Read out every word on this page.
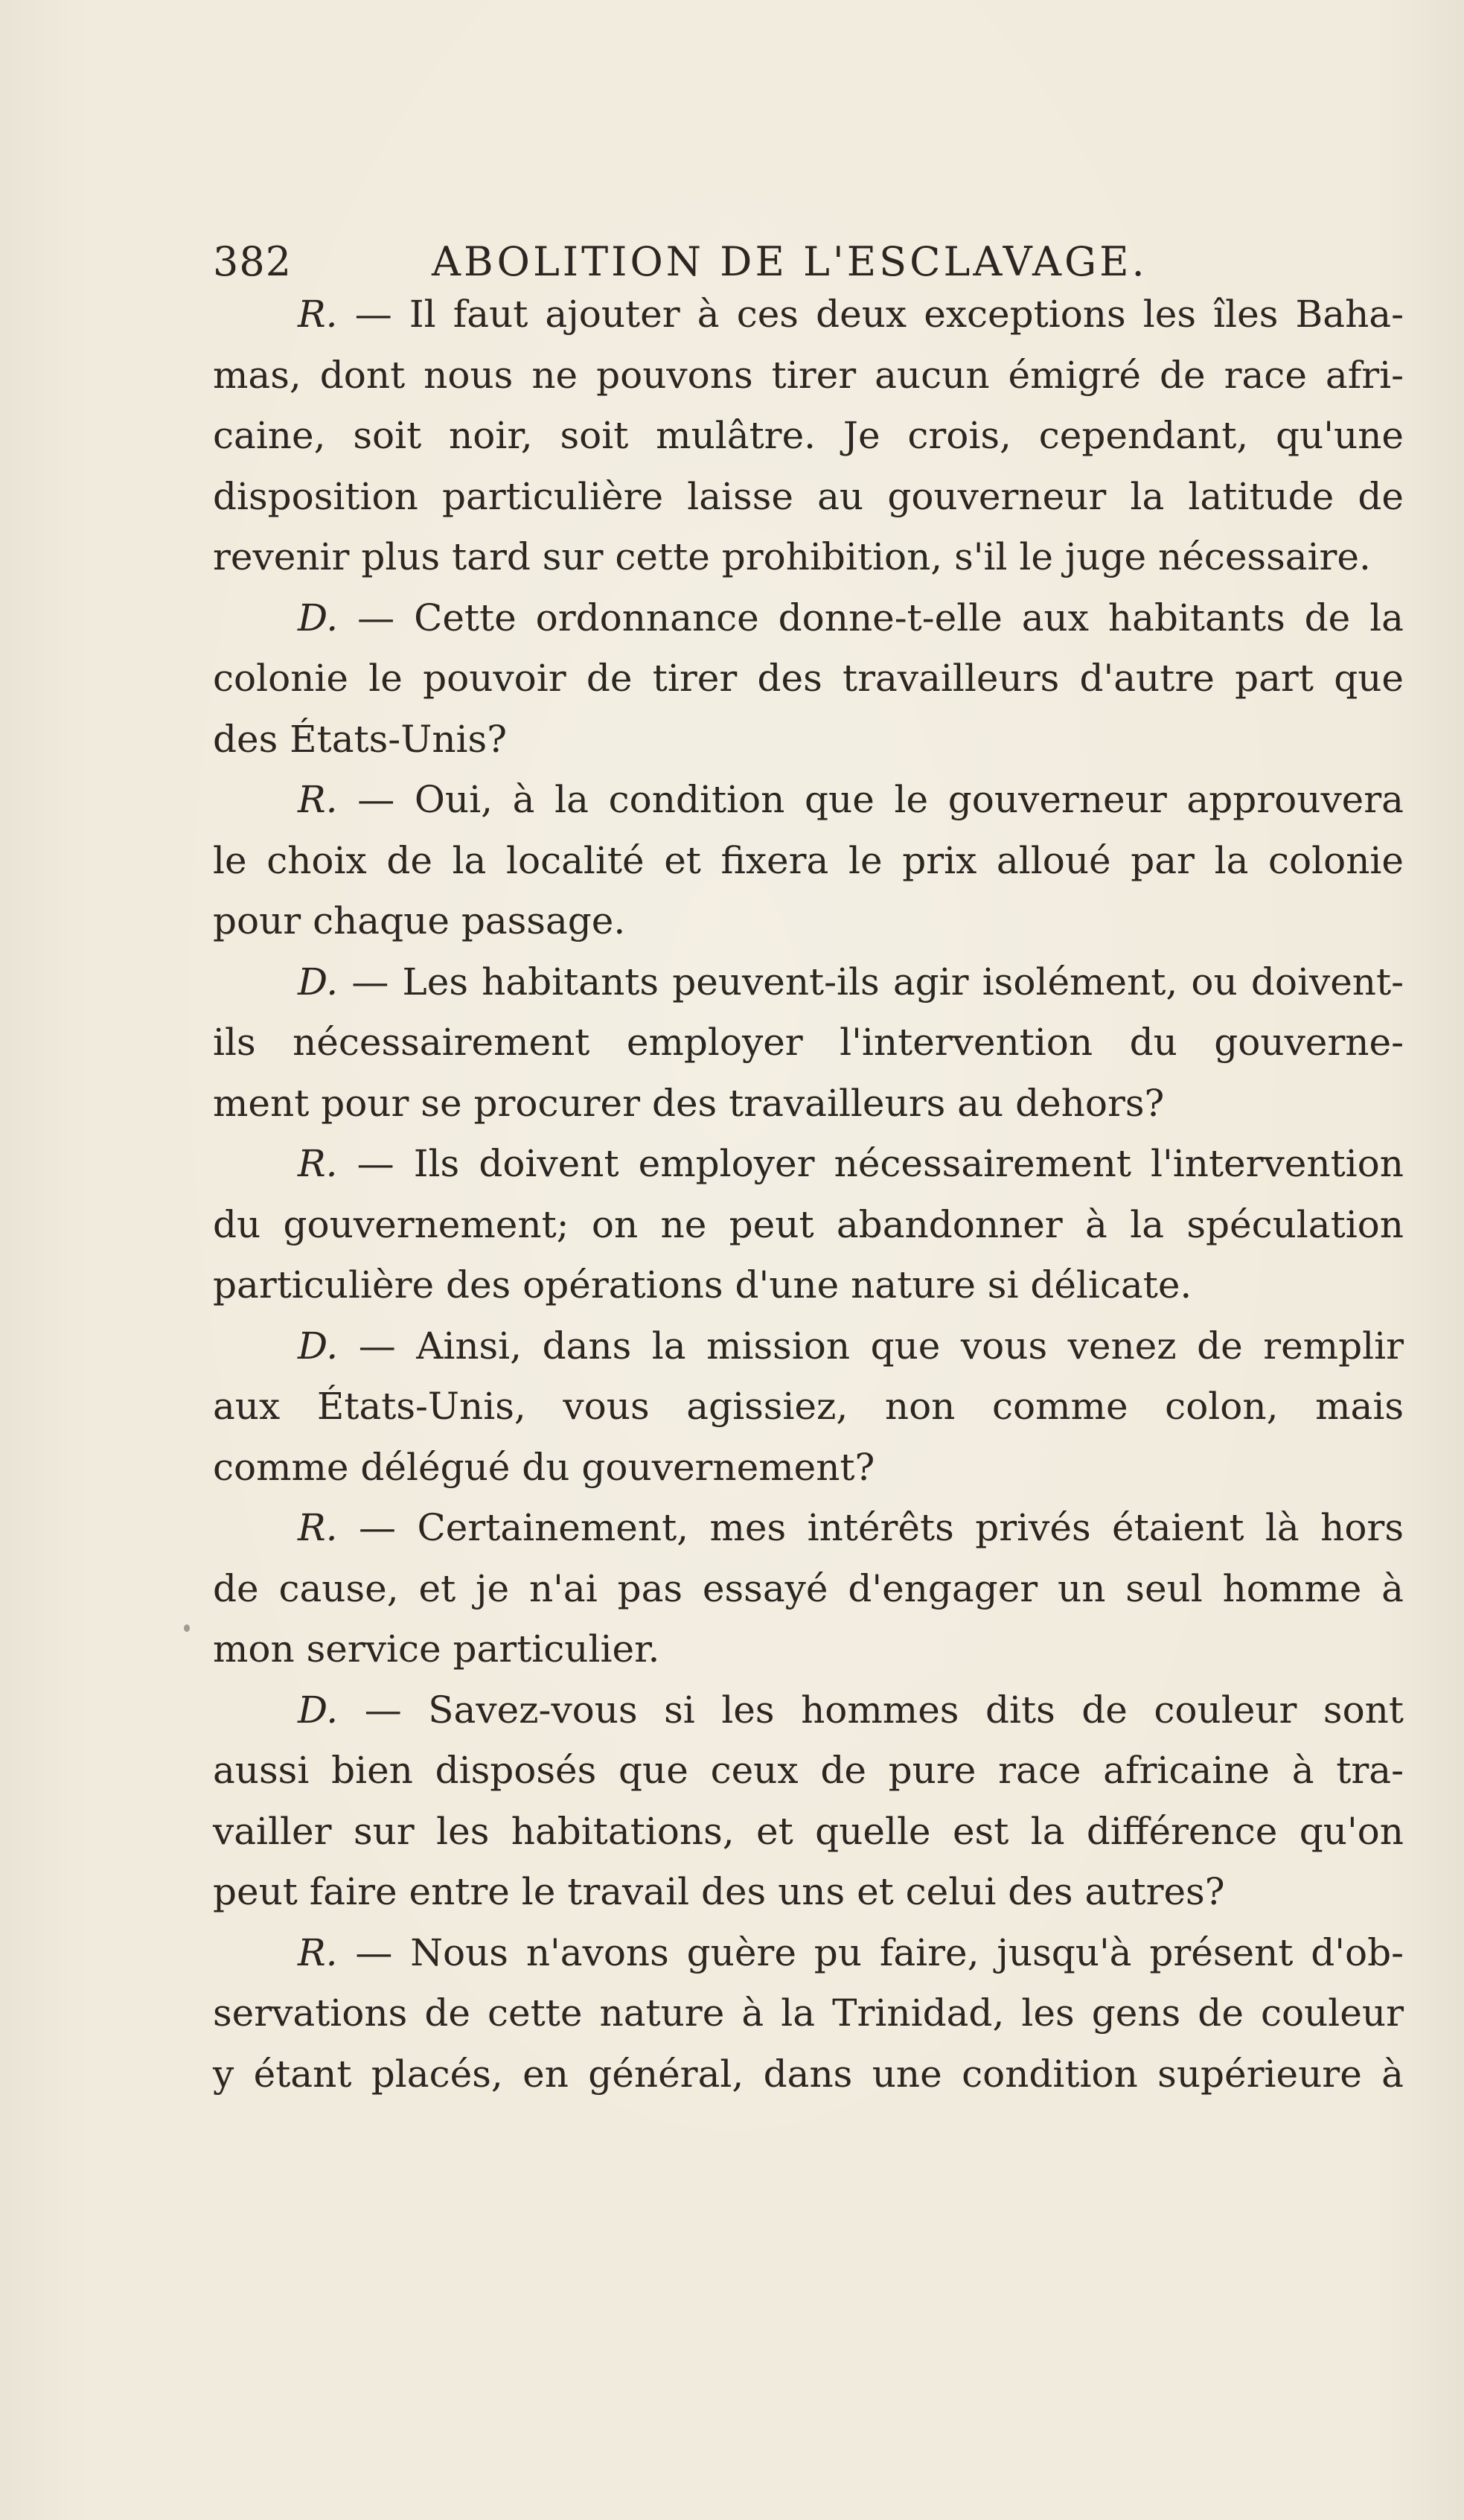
382	ABOLITION DE L'ESCLAVAGE.
R. — Il faut ajouter à ces deux exceptions les îles Baha-
mas, dont nous ne pouvons tirer aucun émigré de race afri-
caine, soit noir, soit mulâtre. Je crois, cependant, qu'une
disposition particulière laisse au gouverneur la latitude de
revenir plus tard sur cette prohibition, s'il le juge nécessaire.
D. — Cette ordonnance donne-t-elle aux habitants de la
colonie le pouvoir de tirer des travailleurs d'autre part que
des États-Unis?
R. — Oui, à la condition que le gouverneur approuvera
le choix de la localité et fixera le prix alloué par la colonie
pour chaque passage.
D. — Les habitants peuvent-ils agir isolément, ou doivent-
ils nécessairement employer l'intervention du gouverne-
ment pour se procurer des travailleurs au dehors?
R. — Ils doivent employer nécessairement l'intervention
du gouvernement; on ne peut abandonner à la spéculation
particulière des opérations d'une nature si délicate.
D. — Ainsi, dans la mission que vous venez de remplir
aux États-Unis, vous agissiez, non comme colon, mais
comme délégué du gouvernement?
R. — Certainement, mes intérêts privés étaient là hors
de cause, et je n'ai pas essayé d'engager un seul homme à
mon service particulier.
D. — Savez-vous si les hommes dits de couleur sont
aussi bien disposés que ceux de pure race africaine à tra-
vailler sur les habitations, et quelle est la différence qu'on
peut faire entre le travail des uns et celui des autres?
R. — Nous n'avons guère pu faire, jusqu'à présent d'ob-
servations de cette nature à la Trinidad, les gens de couleur
y étant placés, en général, dans une condition supérieure à
